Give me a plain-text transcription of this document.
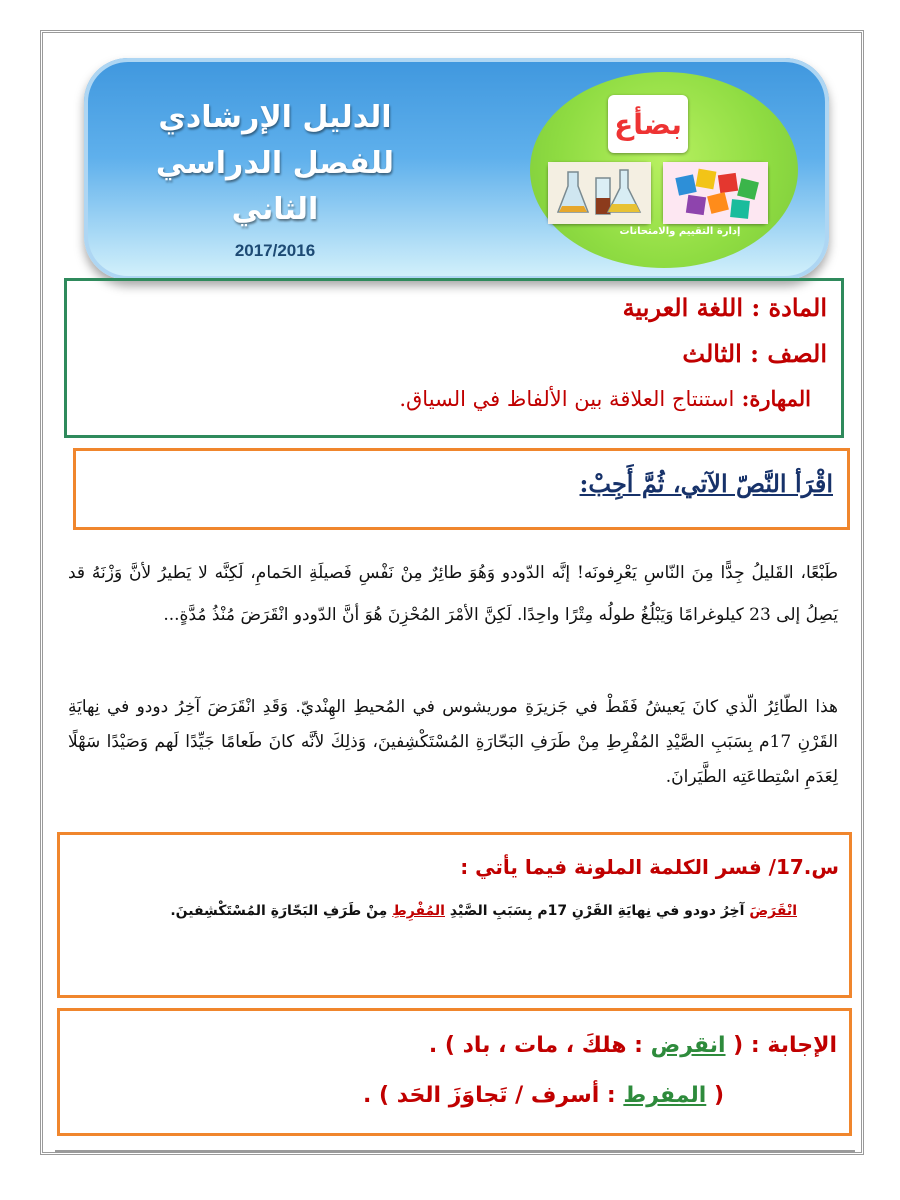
الدليل الإرشادي
للفصل الدراسي الثاني
2017/2016
بضأع
إدارة التقييم والامتحانات
المادة : اللغة العربية
الصف : الثالث
المهارة: استنتاج العلاقة بين الألفاظ في السياق.
اقْرَأ النَّصّ الآتي، ثُمَّ أَجِبْ:
طَبْعًا، القَليلُ جِدًّا مِنَ النّاسِ يَعْرِفونَه! إنَّه الدّودو وَهُوَ طائِرٌ مِنْ نَفْسِ فَصيلَةِ الحَمامِ، لَكِنَّه لا يَطيرُ لأنَّ وَزْنَهُ قد يَصِلُ إلى 23 كيلوغرامًا وَيَبْلُغُ طولُه مِتْرًا واحِدًا. لَكِنَّ الأمْرَ المُحْزِنَ هُوَ أنَّ الدّودو انْقَرَضَ مُنْذُ مُدَّةٍ...
هذا الطّائِرُ الّذي كانَ يَعيشُ فَقَطْ في جَزيرَةِ موريشوس في المُحيطِ الهِنْديّ. وَقَدِ انْقَرَضَ آخِرُ دودو في نِهايَةِ القَرْنِ 17م بِسَبَبِ الصَّيْدِ المُفْرِطِ مِنْ طَرَفِ البَحّارَةِ المُسْتَكْشِفينَ، وَذلِكَ لأنَّه كانَ طَعامًا جَيِّدًا لَهم وَصَيْدًا سَهْلًا لِعَدَمِ اسْتِطاعَتِه الطَّيَرانَ.
س.17/ فسر الكلمة الملونة فيما يأتي :
انْقَرَضَ آخِرُ دودو في نِهايَةِ القَرْنِ 17م بِسَبَبِ الصَّيْدِ المُفْرِطِ مِنْ طَرَفِ البَحّارَةِ المُسْتَكْشِفينَ.
الإجابة : ( انقرض : هلكَ ، مات ، باد ) .
( المفرط : أسرف / تَجاوَزَ الحَد ) .
